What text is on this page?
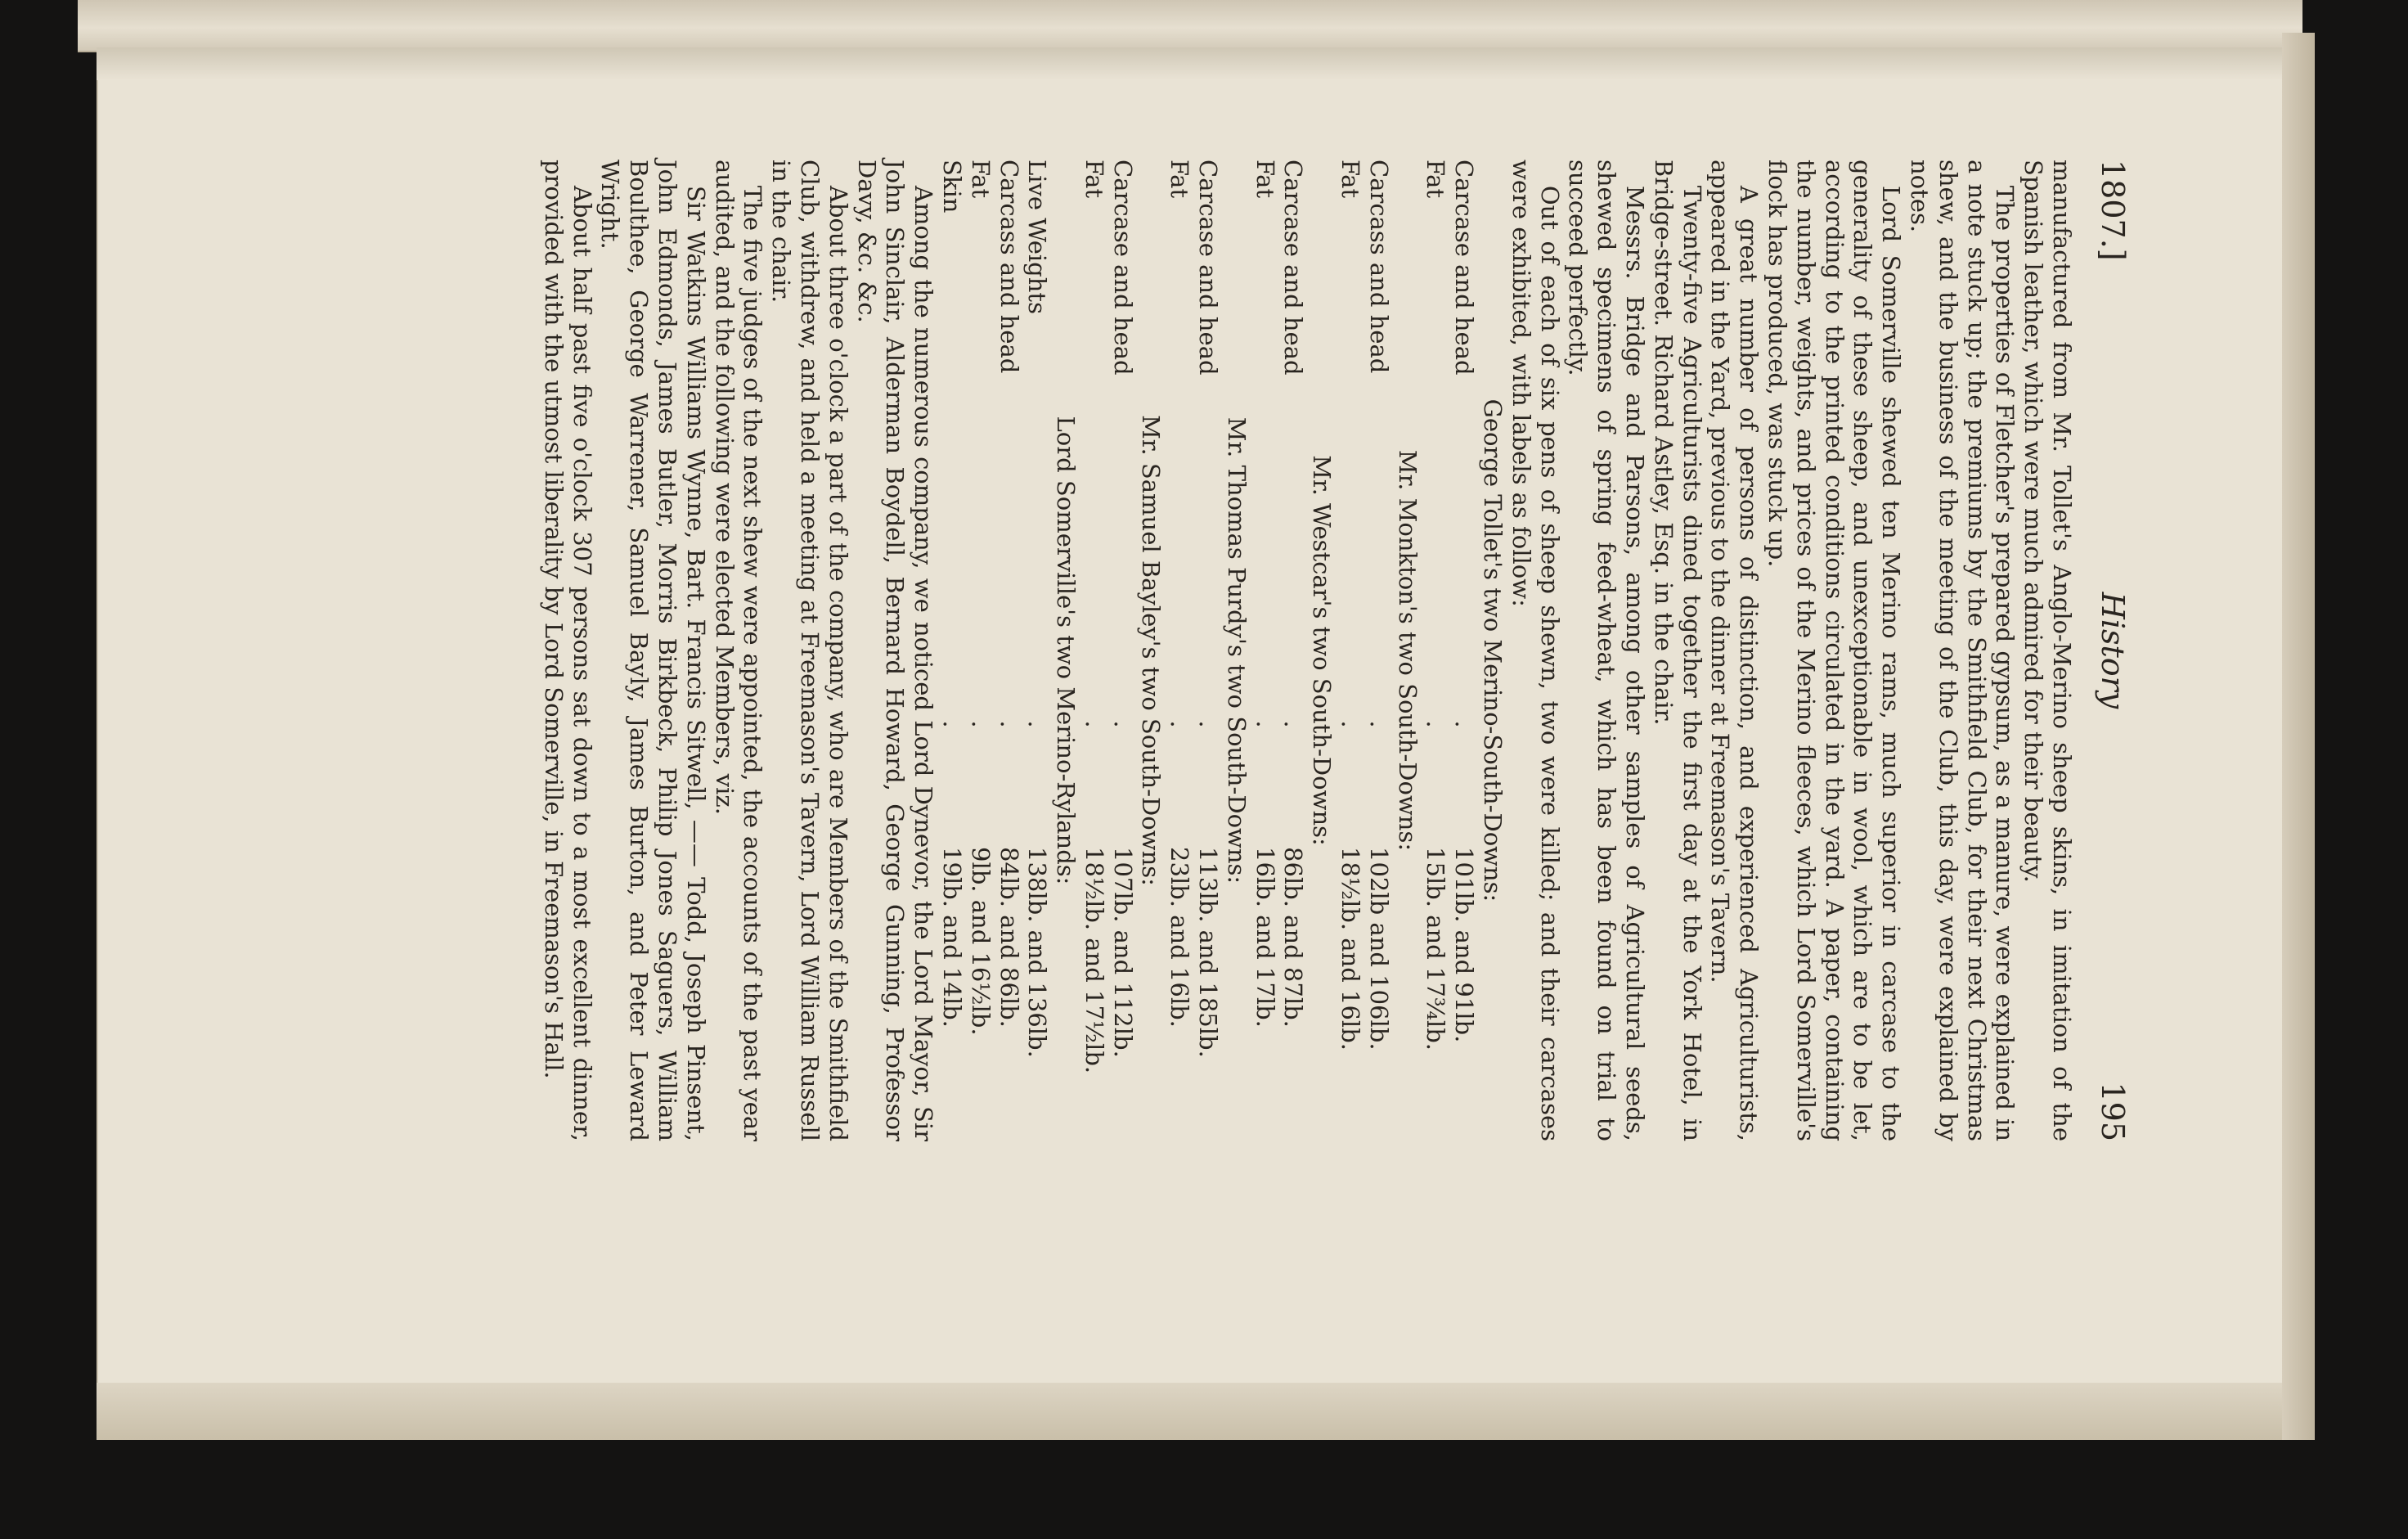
1807.]
History
195

manufactured from Mr. Tollet's Anglo-Merino sheep skins, in imitation of the Spanish leather, which were much admired for their beauty.

The properties of Fletcher's prepared gypsum, as a manure, were explained in a note stuck up; the premiums by the Smithfield Club, for their next Christmas shew, and the business of the meeting of the Club, this day, were explained by notes.

Lord Somerville shewed ten Merino rams, much superior in carcase to the generality of these sheep, and unexceptionable in wool, which are to be let, according to the printed conditions circulated in the yard. A paper, containing the number, weights, and prices of the Merino fleeces, which Lord Somerville's flock has produced, was stuck up.

A great number of persons of distinction, and experienced Agriculturists, appeared in the Yard, previous to the dinner at Freemason's Tavern.

Twenty-five Agriculturists dined together the first day at the York Hotel, in Bridge-street. Richard Astley, Esq. in the chair.

Messrs. Bridge and Parsons, among other samples of Agricultural seeds, shewed specimens of spring feed-wheat, which has been found on trial to succeed perfectly.

Out of each of six pens of sheep shewn, two were killed; and their carcases were exhibited, with labels as follow:

George Tollet's two Merino-South-Downs:

Carcase and head
.
101lb. and 91lb.
Fat
.
15lb. and 17¾lb.

Mr. Monkton's two South-Downs:

Carcass and head
.
102lb and 106lb.
Fat
.
18½lb. and 16lb.

Mr. Westcar's two South-Downs:

Carcase and head
.
86lb. and 87lb.
Fat
.
16lb. and 17lb.

Mr. Thomas Purdy's two South-Downs:

Carcase and head
.
113lb. and 185lb.
Fat
.
23lb. and 16lb.

Mr. Samuel Bayley's two South-Downs:

Carcase and head
.
107lb. and 112lb.
Fat
.
18½lb. and 17½lb.

Lord Somerville's two Merino-Rylands:

Live Weights
.
138lb. and 136lb.
Carcass and head
.
84lb. and 86lb.
Fat
.
9lb. and 16½lb.
Skin
.
19lb. and 14lb.

Among the numerous company, we noticed Lord Dynevor, the Lord Mayor, Sir John Sinclair, Alderman Boydell, Bernard Howard, George Gunning, Professor Davy, &c. &c.

About three o'clock a part of the company, who are Members of the Smithfield Club, withdrew, and held a meeting at Freemason's Tavern, Lord William Russell in the chair.

The five judges of the next shew were appointed, the accounts of the past year audited, and the following were elected Members, viz.

Sir Watkins Williams Wynne, Bart. Francis Sitwell, —— Todd, Joseph Pinsent, John Edmonds, James Butler, Morris Birkbeck, Philip Jones Saguers, William Boulthee, George Warrener, Samuel Bayly, James Burton, and Peter Leward Wright.

About half past five o'clock 307 persons sat down to a most excellent dinner, provided with the utmost liberality by Lord Somerville, in Freemason's Hall.
